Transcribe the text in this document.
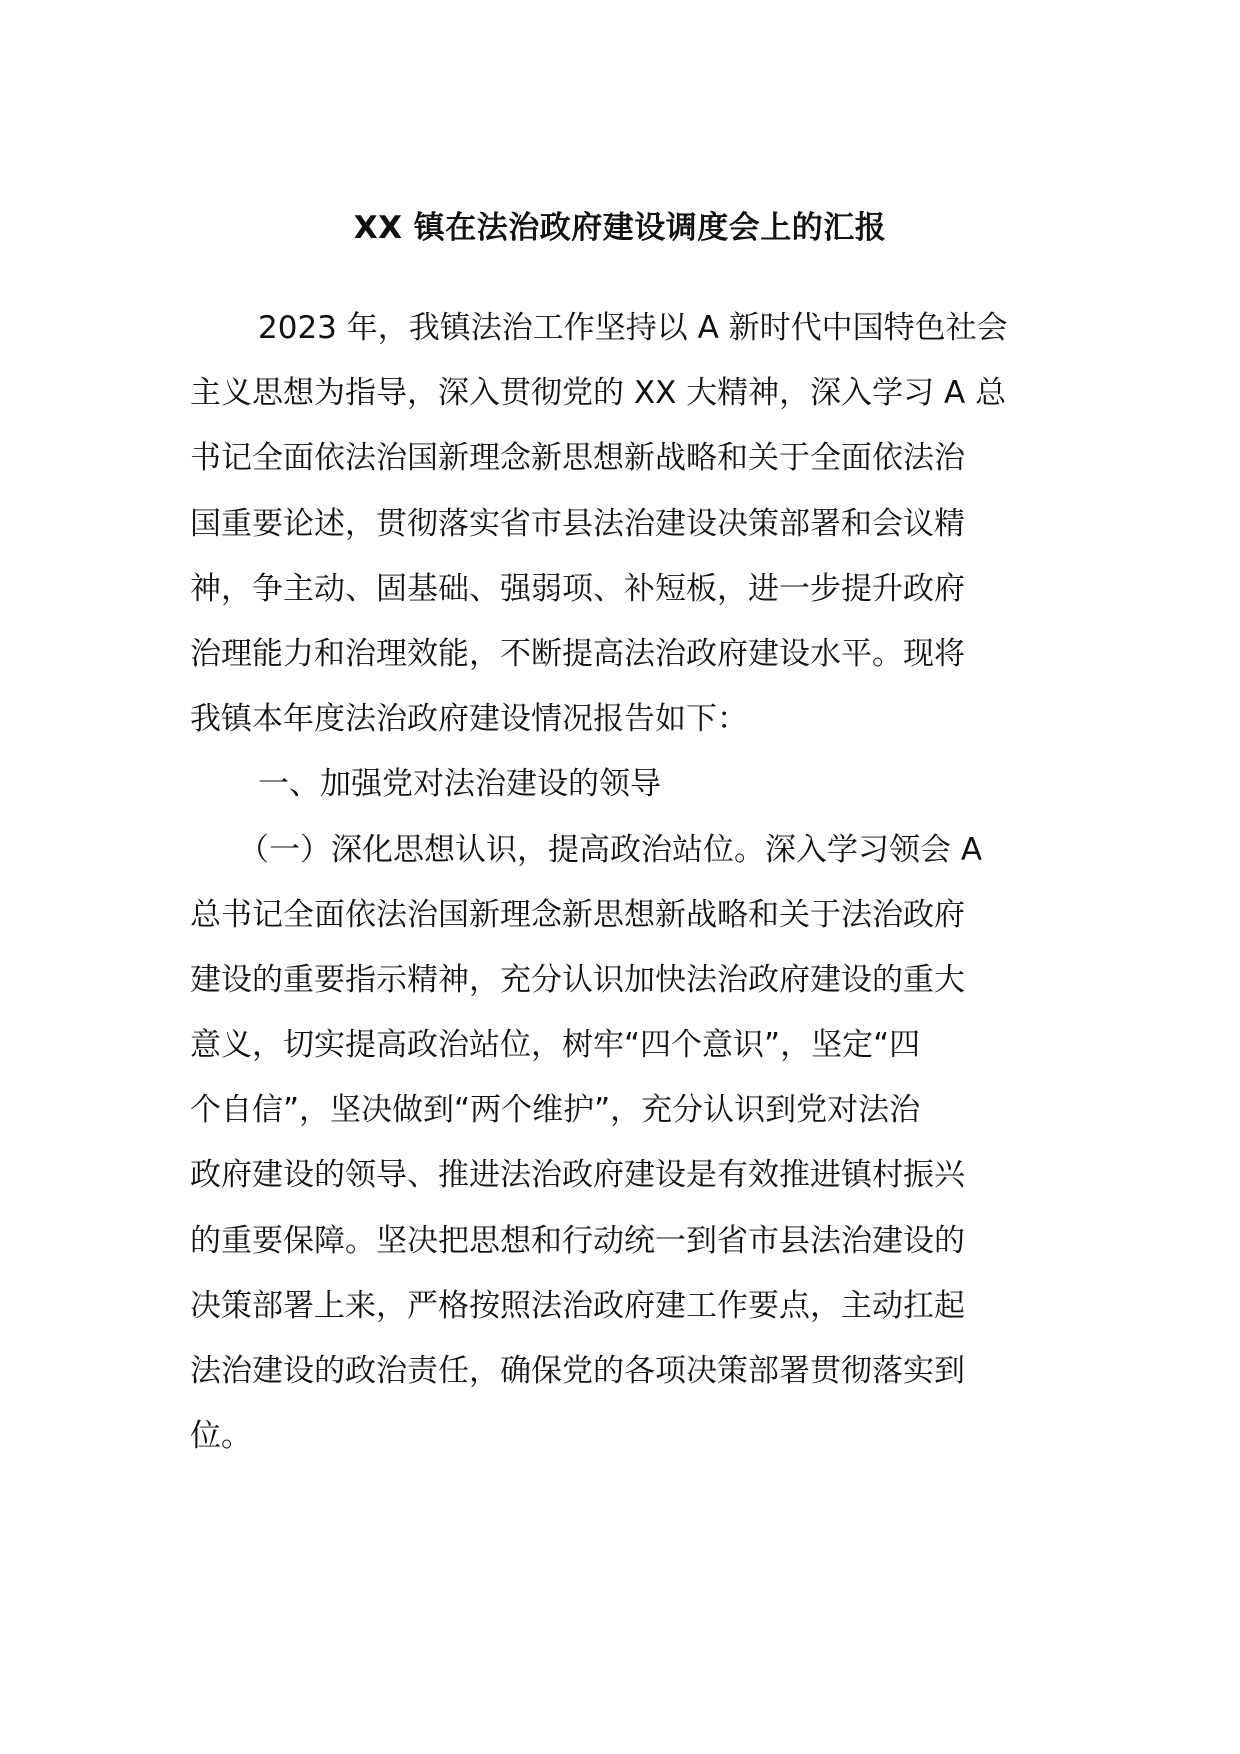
XX 镇在法治政府建设调度会上的汇报
2023 年，我镇法治工作坚持以 A 新时代中国特色社会
主义思想为指导，深入贯彻党的 XX 大精神，深入学习 A 总
书记全面依法治国新理念新思想新战略和关于全面依法治
国重要论述，贯彻落实省市县法治建设决策部署和会议精
神，争主动、固基础、强弱项、补短板，进一步提升政府
治理能力和治理效能，不断提高法治政府建设水平。现将
我镇本年度法治政府建设情况报告如下：
一、加强党对法治建设的领导
（一）深化思想认识，提高政治站位。深入学习领会 A
总书记全面依法治国新理念新思想新战略和关于法治政府
建设的重要指示精神，充分认识加快法治政府建设的重大
意义，切实提高政治站位，树牢“四个意识”，坚定“四
个自信”，坚决做到“两个维护”，充分认识到党对法治
政府建设的领导、推进法治政府建设是有效推进镇村振兴
的重要保障。坚决把思想和行动统一到省市县法治建设的
决策部署上来，严格按照法治政府建工作要点，主动扛起
法治建设的政治责任，确保党的各项决策部署贯彻落实到
位。
